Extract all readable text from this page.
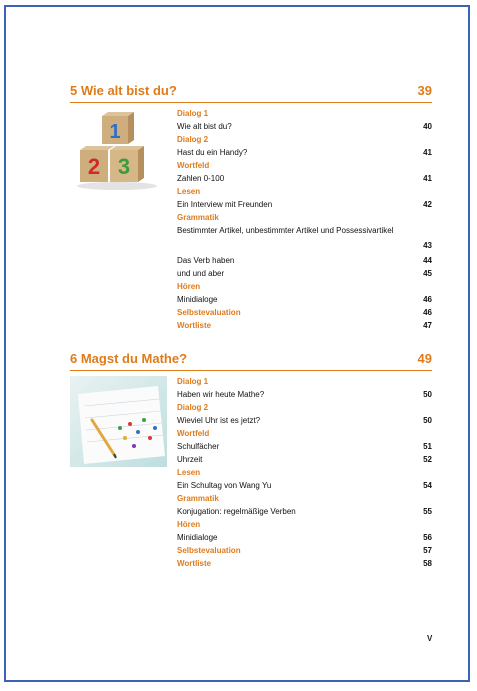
5 Wie alt bist du?	39
1
2 3
Dialog 1
Wie alt bist du?	40
Dialog 2
Hast du ein Handy?	41
Wortfeld
Zahlen 0-100	41
Lesen
Ein Interview mit Freunden	42
Grammatik
Bestimmter Artikel, unbestimmter Artikel und Possessivartikel
43
Das Verb haben	44
und und aber	45
Hören
Minidialoge	46
Selbstevaluation	46
Wortliste	47
6 Magst du Mathe?	49
Dialog 1
Haben wir heute Mathe?	50
Dialog 2
Wieviel Uhr ist es jetzt?	50
Wortfeld
Schulfächer	51
Uhrzeit	52
Lesen
Ein Schultag von Wang Yu	54
Grammatik
Konjugation: regelmäßige Verben	55
Hören
Minidialoge	56
Selbstevaluation	57
Wortliste	58
V
